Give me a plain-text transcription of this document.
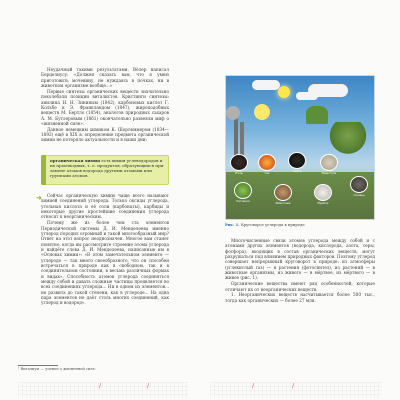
Неудачный такими результатами, Вёлер написал Берцелиусу: «Должен сказать вам, что я умею приготовить мочевину, не нуждаясь в почках, ни в животном организме вообще...»

Первые синтезы органических веществ значительно поколебали позиции виталистов. Кристинги синтезы: анилина Н. Н. Зининым (1842), карбоновых кислот Г. Кольбе и Э. Франкландом (1847), жироподобных веществ М. Бертло (1854), аналогов природных сахаров А. М. Бутлеровым (1861) окончательно развеяли миф о «жизненной силе».

Данное немецким химиком К. Шорлеммером (1834—1892) ещё в XIX в. определение предмета органической химии не потеряло актуальности и в наши дни:

органическая химия есть химия углеводородов и их производных, т. е. продуктов, образующихся при замене атомов водорода другими атомами или группами атомов.
➜	Сейчас органическую химию чаще всего называют химией соединений углерода. Только оксиды углерода, угольная кислота и её соли (карбонаты), карбиды и некоторые другие простейшие соединения углерода относят к неорганическим.

Почему же из более чем ста элементов Периодической системы Д. И. Менделеева именно углерод породил огромный и такой многообразный мир? Ответ на этот вопрос неоднозначен. Многое вам станет понятно, когда вы рассмотрите строение атома углерода и найдёте слова Д. И. Менделеева, написанные им в «Основах химии»: «В этом замечательном элементе — углероде — так много своеобразного, что он способен встречаться в природе как в свободном, так и в соединительном состоянии, в весьма различных формах и видах». Способность атомов углерода соединяться между собой и давать сложные частицы проявляется во всех соединениях углерода... Ни в одном из элементов... не развита до такой степени, как в углероде... На одна пара элементов не даёт столь многих соединений, как углерод и водород».

¹ Виталиум — учение о жизненной силе.
/
/
/
/
Уголь	Газ	Нефть	Известняк
Растения	Животные	Мрамор
Сланцы
Рис. 1. Круговорот углерода в природе

Многочисленные связи атомов углерода между собой и с атомами других элементов (водорода, кислорода, азота, серы, фосфора), входящих в состав органических веществ, могут разрушаться под влиянием природных факторов. Поэтому углерод совершает непрерывный круговорот в природе: из атмосферы (углекислый газ) — в растения (фотосинтез), из растений — в животные организмы, из живого — в мёртвое, из мёртвого — в живое (рис. 1).

Органические вещества имеют ряд особенностей, которые отличают их от неорганических веществ.

1. Неорганических веществ насчитывается более 500 тыс., тогда как органических — более 27 млн.
